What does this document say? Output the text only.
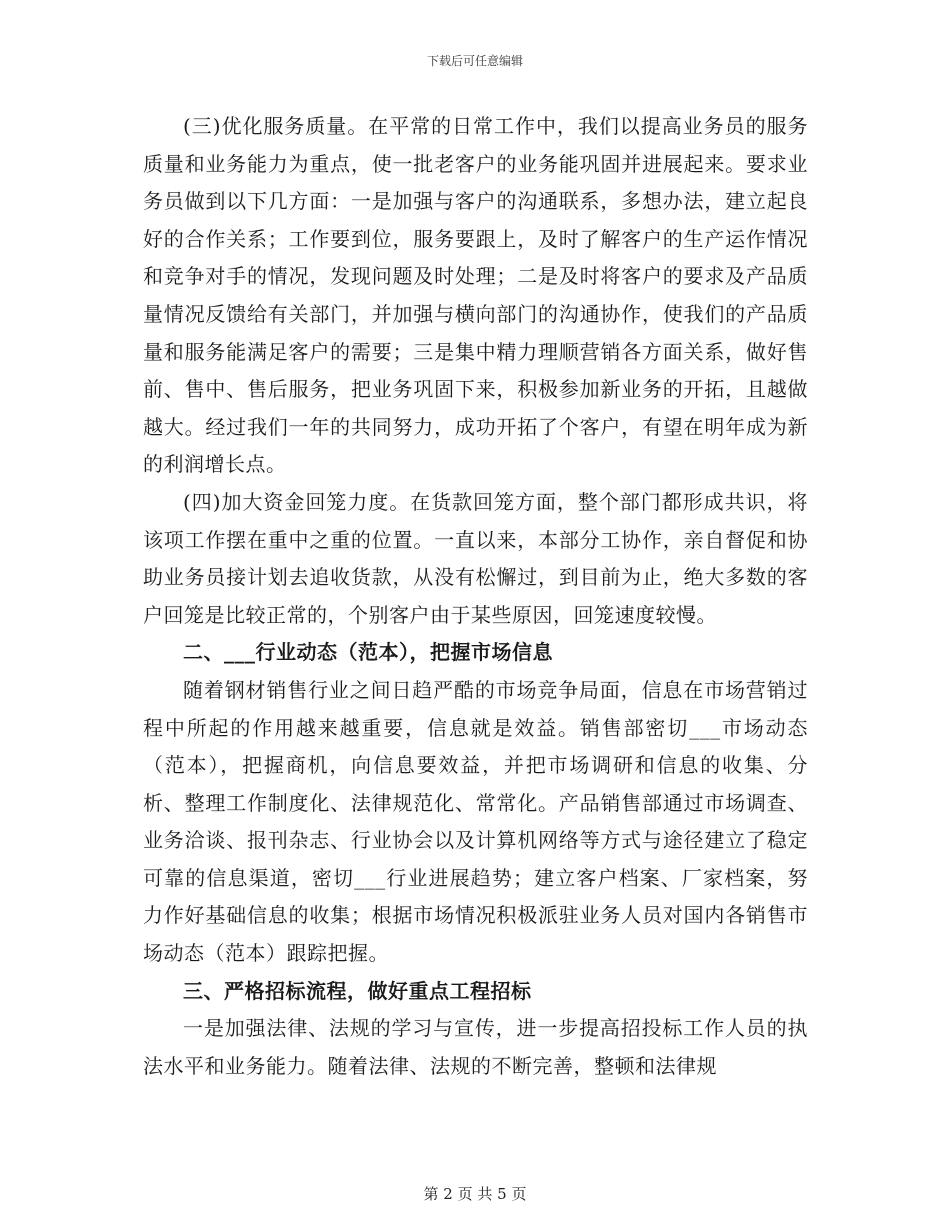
下载后可任意编辑

(三)优化服务质量。在平常的日常工作中，我们以提高业务员的服务质量和业务能力为重点，使一批老客户的业务能巩固并进展起来。要求业务员做到以下几方面：一是加强与客户的沟通联系，多想办法，建立起良好的合作关系；工作要到位，服务要跟上，及时了解客户的生产运作情况和竞争对手的情况，发现问题及时处理；二是及时将客户的要求及产品质量情况反馈给有关部门，并加强与横向部门的沟通协作，使我们的产品质量和服务能满足客户的需要；三是集中精力理顺营销各方面关系，做好售前、售中、售后服务，把业务巩固下来，积极参加新业务的开拓，且越做越大。经过我们一年的共同努力，成功开拓了个客户，有望在明年成为新的利润增长点。

(四)加大资金回笼力度。在货款回笼方面，整个部门都形成共识，将该项工作摆在重中之重的位置。一直以来，本部分工协作，亲自督促和协助业务员接计划去追收货款，从没有松懈过，到目前为止，绝大多数的客户回笼是比较正常的，个别客户由于某些原因，回笼速度较慢。

二、___行业动态（范本），把握市场信息

随着钢材销售行业之间日趋严酷的市场竞争局面，信息在市场营销过程中所起的作用越来越重要，信息就是效益。销售部密切___市场动态（范本），把握商机，向信息要效益，并把市场调研和信息的收集、分析、整理工作制度化、法律规范化、常常化。产品销售部通过市场调查、业务洽谈、报刊杂志、行业协会以及计算机网络等方式与途径建立了稳定可靠的信息渠道，密切___行业进展趋势；建立客户档案、厂家档案，努力作好基础信息的收集；根据市场情况积极派驻业务人员对国内各销售市场动态（范本）跟踪把握。

三、严格招标流程，做好重点工程招标

一是加强法律、法规的学习与宣传，进一步提高招投标工作人员的执法水平和业务能力。随着法律、法规的不断完善，整顿和法律规

第 2 页 共 5 页
